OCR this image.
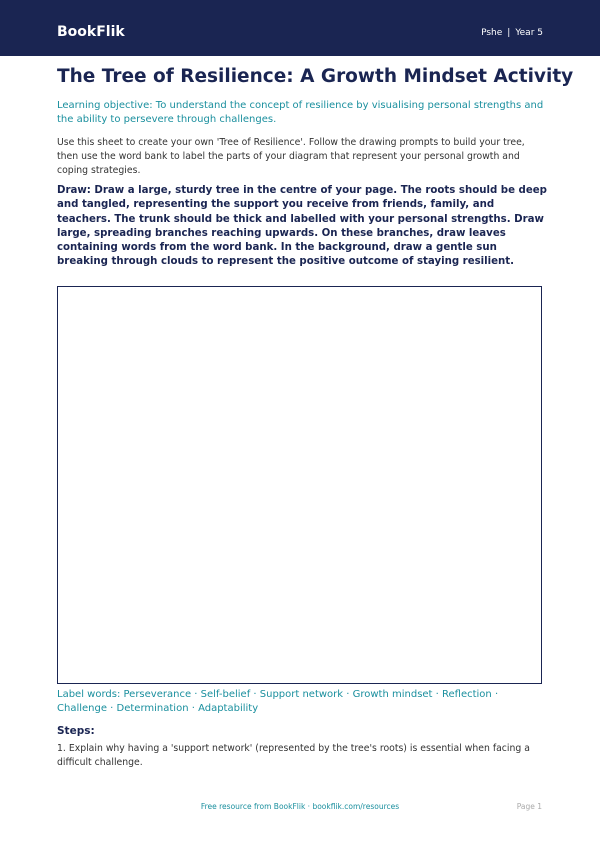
BookFlik	Pshe | Year 5
The Tree of Resilience: A Growth Mindset Activity

Learning objective: To understand the concept of resilience by visualising personal strengths and the ability to persevere through challenges.

Use this sheet to create your own 'Tree of Resilience'. Follow the drawing prompts to build your tree, then use the word bank to label the parts of your diagram that represent your personal growth and coping strategies.

Draw: Draw a large, sturdy tree in the centre of your page. The roots should be deep and tangled, representing the support you receive from friends, family, and teachers. The trunk should be thick and labelled with your personal strengths. Draw large, spreading branches reaching upwards. On these branches, draw leaves containing words from the word bank. In the background, draw a gentle sun breaking through clouds to represent the positive outcome of staying resilient.

Label words: Perseverance · Self-belief · Support network · Growth mindset · Reflection · Challenge · Determination · Adaptability

Steps:

1. Explain why having a 'support network' (represented by the tree's roots) is essential when facing a difficult challenge.

Free resource from BookFlik · bookflik.com/resources	Page 1
